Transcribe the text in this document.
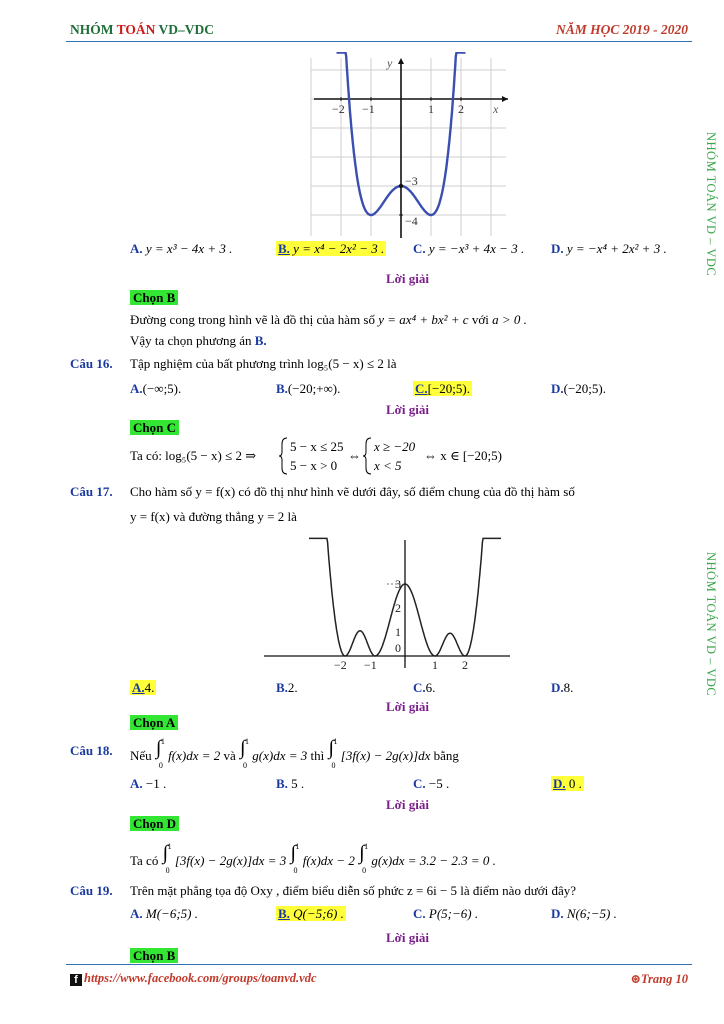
NHÓM TOÁN VD–VDC	NĂM HỌC 2019 - 2020
NHÓM TOÁN VD – VDC
NHÓM TOÁN VD – VDC
x
y
−2 −1	1 2
−3
−4
A. y = x³ − 4x + 3 .	B. y = x⁴ − 2x² − 3 . C. y = −x³ + 4x − 3 . D. y = −x⁴ + 2x² + 3 .
Lời giải
Chọn B
Đường cong trong hình vẽ là đồ thị của hàm số y = ax⁴ + bx² + c với a > 0 .
Vậy ta chọn phương án B.
Câu 16. Tập nghiệm của bất phương trình log₅(5 − x) ≤ 2 là
A.(−∞;5).	B.(−20;+∞).	C.[−20;5).	D.(−20;5).
Lời giải
Chọn C
Ta có: log₅(5 − x) ≤ 2 ⇒
5 − x ≤ 25
5 − x > 0
⇔
x ≥ −20
x < 5
⇔ x ∈ [−20;5)
Câu 17. Cho hàm số y = f(x) có đồ thị như hình vẽ dưới đây, số điểm chung của đồ thị hàm số
y = f(x) và đường thẳng y = 2 là
−2 −1	1 2
3
2
1
0
A.4.	B.2.	C.6.	D.8.
Lời giải
Chọn A
Câu 18. Nếu ∫ 1
0
f(x)dx = 2 và ∫ 1
0
g(x)dx = 3 thì ∫ 1
0
[3f(x) − 2g(x)]dx bằng
A. −1 .	B. 5 .	C. −5 .	D. 0 .
Lời giải
Chọn D
Ta có ∫ 1
0
[3f(x) − 2g(x)]dx = 3 ∫ 1
0
f(x)dx − 2 ∫ 1
0
g(x)dx = 3.2 − 2.3 = 0 .
Câu 19. Trên mặt phẳng tọa độ Oxy , điểm biểu diễn số phức z = 6i − 5 là điểm nào dưới đây?
A. M(−6;5) .	B. Q(−5;6) .	C. P(5;−6) .	D. N(6;−5) .
Lời giải
Chọn B
f https://www.facebook.com/groups/toanvd.vdc	⊛Trang 10
